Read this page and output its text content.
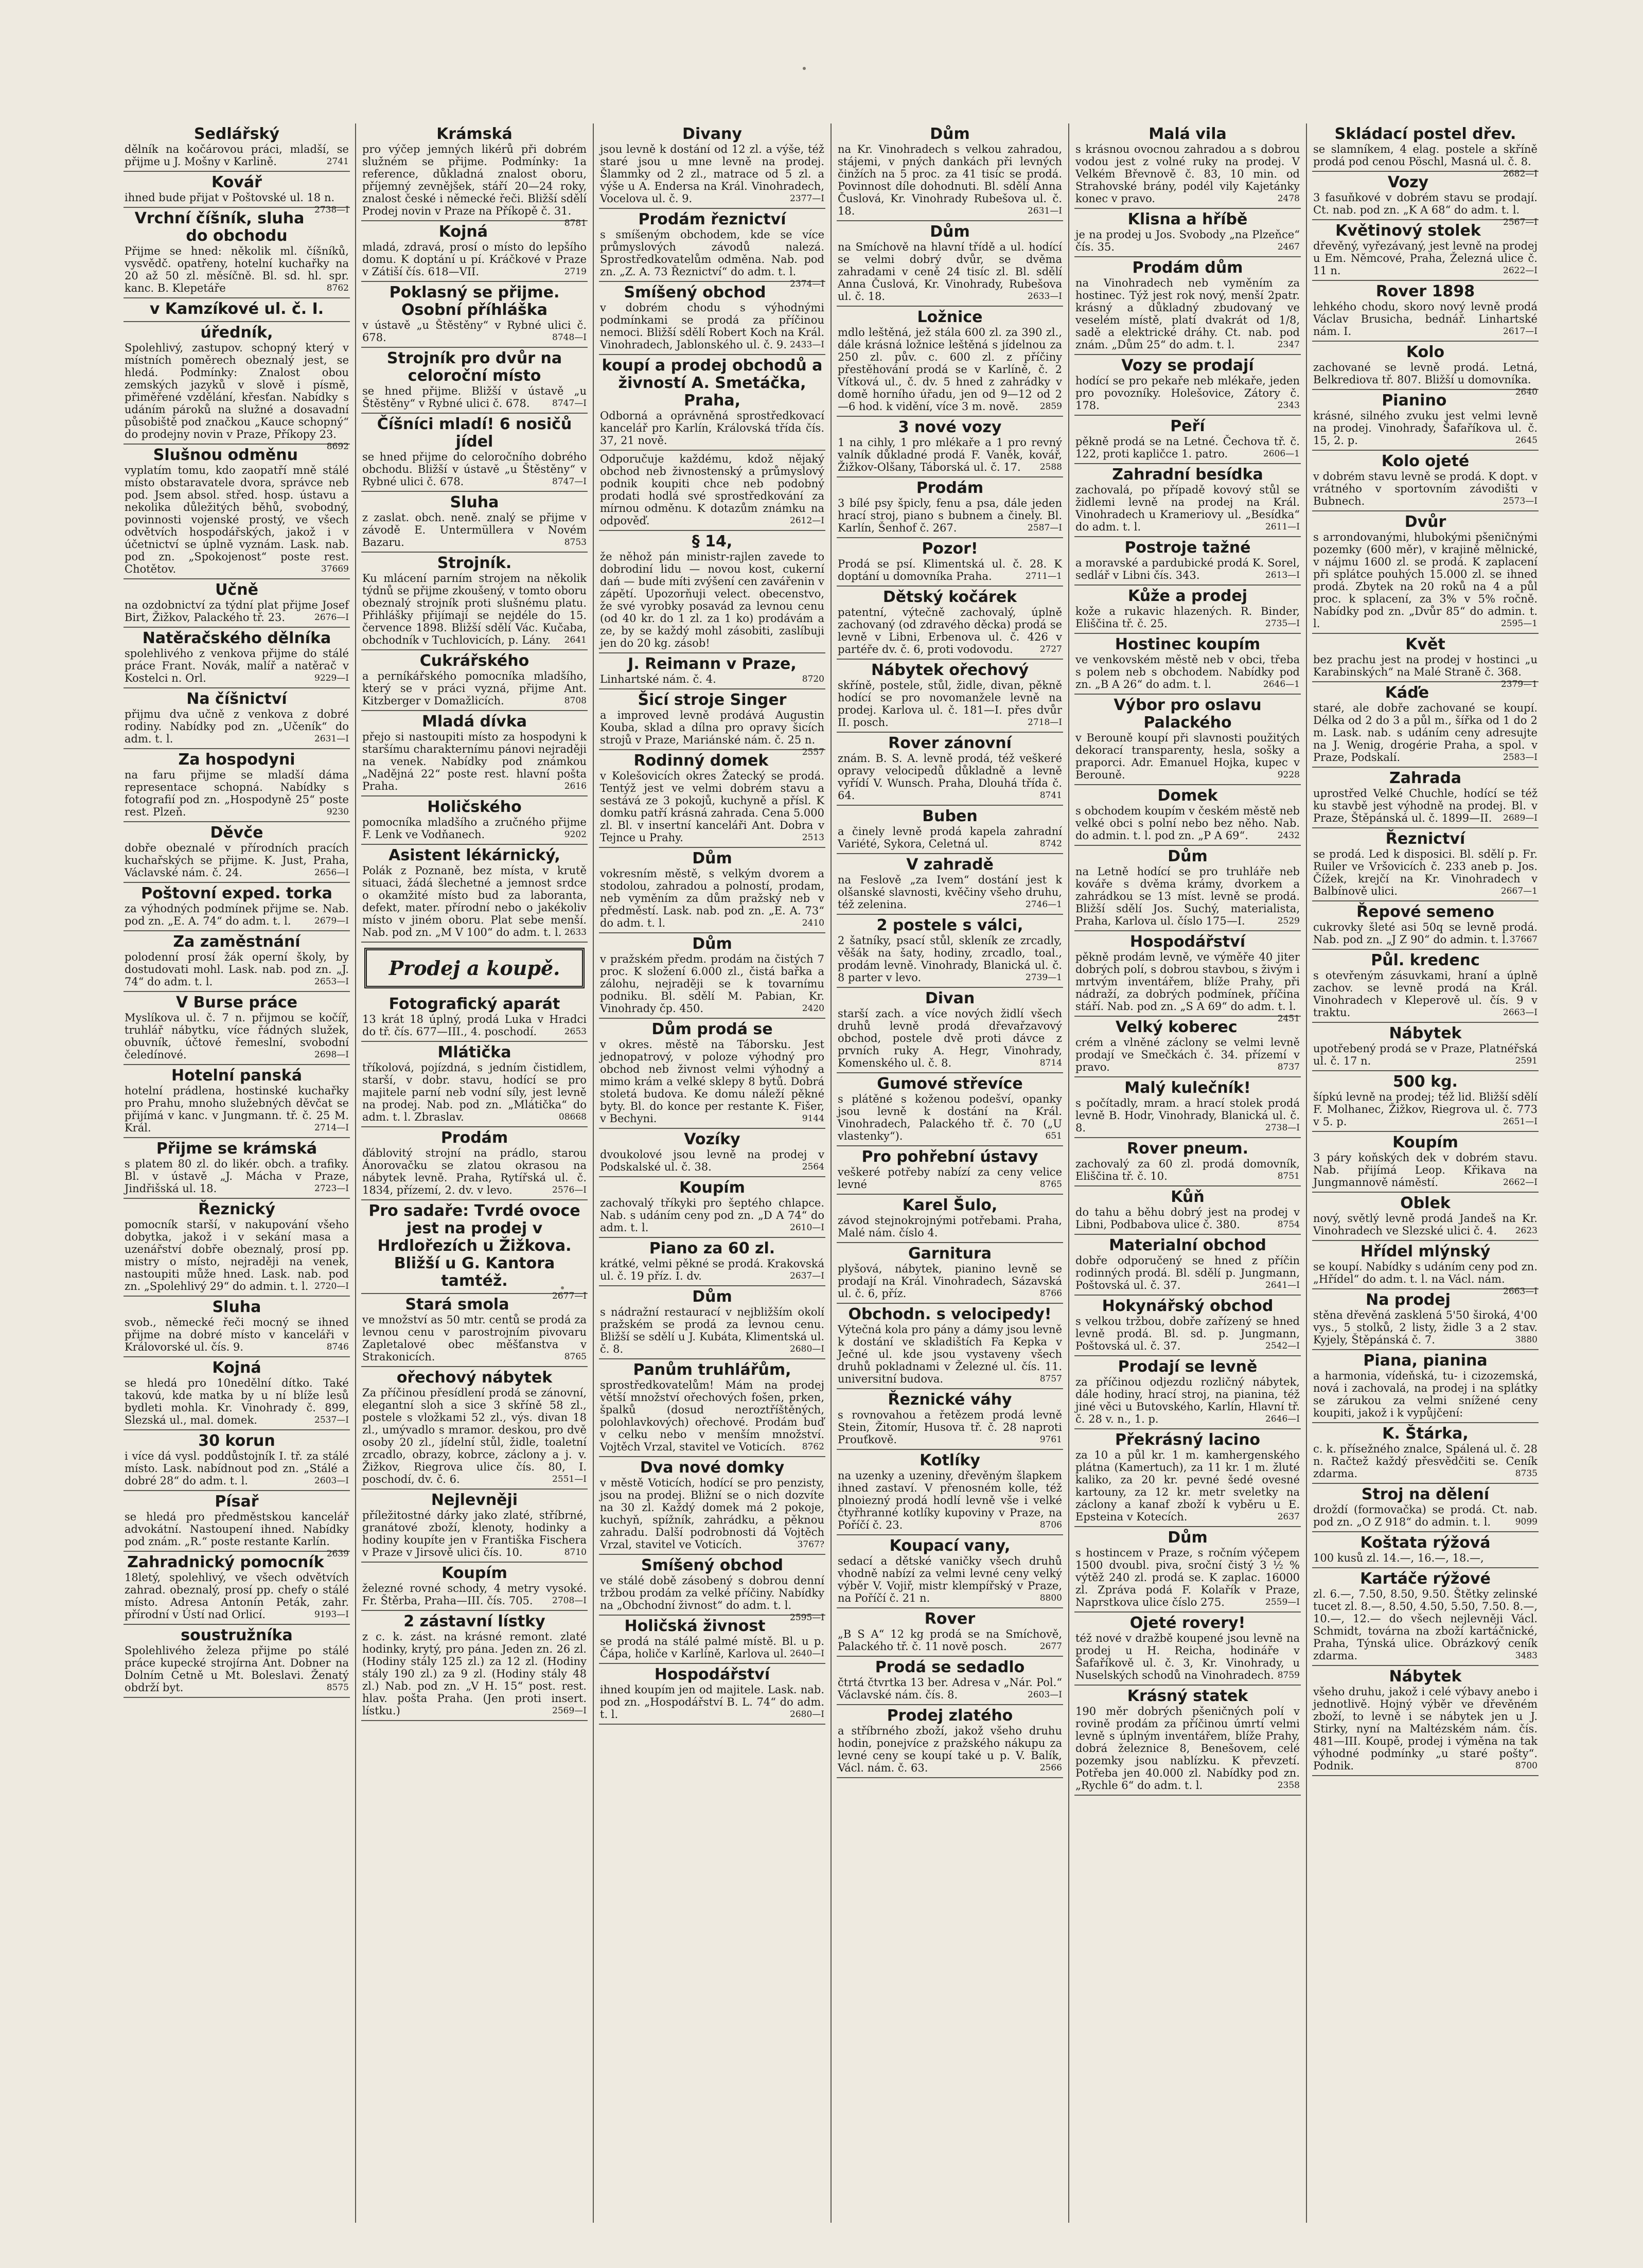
Sedlářský

dělník na kočárovou práci, mladší, se přijme u J. Mošny v Karlině.	2741

Kovář

ihned bude přijat v Poštovské ul. 18 n.
2738—I

Vrchní číšník, sluha do obchodu

Přijme se hned: několik ml. číšníků, vysvědč. opatřeny, hotelní kuchařky na 20 až 50 zl. měsíčně. Bl. sd. hl. spr. kanc. B. Klepetáře	8762

v Kamzíkové ul. č. I.

úředník,

Spolehlivý, zastupov. schopný který v místních poměrech obeznalý jest, se hledá. Podmínky: Znalost obou zemských jazyků v slově i písmě, přiměřené vzdělání, křesťan. Nabídky s udáním pároků na služné a dosavadní působiště pod značkou „Kauce schopný“ do prodejny novin v Praze, Příkopy 23.
8692

Slušnou odměnu

vyplatím tomu, kdo zaopatří mně stálé místo obstaravatele dvora, správce neb pod. Jsem absol. střed. hosp. ústavu a nekolika důležitých běhů, svobodný, povinnosti vojenské prostý, ve všech odvětvích hospodářských, jakož i v účetnictví se úplně vyznám. Lask. nab. pod zn. „Spokojenost“ poste rest. Chotětov.	37669

Učně

na ozdobnictví za týdní plat přijme Josef Birt, Žižkov, Palackého tř. 23.	2676—I

Natěračského dělníka

spolehlivého z venkova přijme do stálé práce Frant. Novák, malíř a natěrač v Kostelci n. Orl.	9229—I

Na číšnictví

přijmu dva učně z venkova z dobré rodiny. Nabídky pod zn. „Učeník“ do adm. t. l.	2631—I

Za hospodyni

na faru přijme se mladší dáma representace schopná. Nabídky s fotografií pod zn. „Hospodyně 25“ poste rest. Plzeň.	9230

Děvče

dobře obeznalé v přírodních pracích kuchařských se přijme. K. Just, Praha, Václavské nám. č. 24.	2656—I

Poštovní exped. torka

za výhodných podmínek přijme se. Nab. pod zn. „E. A. 74“ do adm. t. l.	2679—I

Za zaměstnání

polodenní prosí žák operní školy, by dostudovati mohl. Lask. nab. pod zn. „J. 74“ do adm. t. l.	2653—I

V Burse práce

Myslíkova ul. č. 7 n. přijmou se kočíř, truhlář nábytku, více řádných služek, obuvník, účtové řemeslní, svobodní čeledínové.	2698—I

Hotelní panská

hotelní prádlena, hostinské kuchařky pro Prahu, mnoho služebných děvčat se přijímá v kanc. v Jungmann. tř. č. 25 M. Král.	2714—I

Přijme se krámská

s platem 80 zl. do likér. obch. a trafiky. Bl. v ústavě „J. Mácha v Praze, Jindřišská ul. 18.	2723—I

Řeznický

pomocník starší, v nakupování všeho dobytka, jakož i v sekání masa a uzenářství dobře obeznalý, prosí pp. mistry o místo, nejraději na venek, nastoupiti může hned. Lask. nab. pod zn. „Spolehlivý 29“ do admin. t. l. 2720—I

Sluha

svob., německé řeči mocný se ihned přijme na dobré místo v kanceláři v Královorské ul. čís. 9.	8746

Kojná

se hledá pro 10nedělní dítko. Také takovú, kde matka by u ní blíže lesů bydleti mohla. Kr. Vinohrady č. 899, Slezská ul., mal. domek.	2537—I

30 korun

i více dá vysl. poddůstojník I. tř. za stálé místo. Lask. nabídnout pod zn. „Stálé a dobré 28“ do adm. t. l.	2603—I

Písař

se hledá pro předměstskou kancelář advokátní. Nastoupení ihned. Nabídky pod znám. „R.“ poste restante Karlín.
2639

Zahradnický pomocník

18letý, spolehlivý, ve všech odvětvích zahrad. obeznalý, prosí pp. chefy o stálé místo. Adresa Antonín Peták, zahr. přírodní v Ústí nad Orlicí.	9193—I

soustružníka

Spolehlivého železa přijme po stálé práce kupecké strojírna Ant. Dobner na Dolním Cetně u Mt. Boleslavi. Ženatý obdrží byt.	8575

Krámská

pro výčep jemných likérů při dobrém služném se přijme. Podmínky: 1a reference, důkladná znalost oboru, příjemný zevnějšek, stáří 20—24 roky, znalost české i německé řeči. Bližší sdělí Prodej novin v Praze na Příkopě č. 31.
8781

Kojná

mladá, zdravá, prosí o místo do lepšího domu. K doptání u pí. Kráčkové v Praze v Zátiší čís. 618—VII.	2719

Poklasný se přijme. Osobní příhláška

v ústavě „u Štěstěny“ v Rybné ulici č. 678.	8748—I

Strojník pro dvůr na celoroční místo

se hned přijme. Bližší v ústavě „u Štěstěny“ v Rybné ulici č. 678.	8747—I

Číšníci mladí! 6 nosičů jídel

se hned přijme do celoročního dobrého obchodu. Bližší v ústavě „u Štěstěny“ v Rybné ulici č. 678.	8747—I

Sluha

z zaslat. obch. neně. znalý se přijme v závodě E. Untermüllera v Novém Bazaru.	8753

Strojník.

Ku mlácení parním strojem na několik týdnů se přijme zkoušený, v tomto oboru obeznalý strojník proti slušnému platu. Přihlášky přijímají se nejdéle do 15. července 1898. Bližší sdělí Vác. Kučaba, obchodník v Tuchlovicích, p. Lány. 2641

Cukrářského

a perníkářského pomocníka mladšího, který se v práci vyzná, přijme Ant. Kitzberger v Domažlicích.	8708

Mladá dívka

přejo si nastoupiti místo za hospodyni k staršímu charakternímu pánovi nejraději na venek. Nabídky pod známkou „Nadějná 22“ poste rest. hlavní pošta Praha.	2616

Holičského

pomocníka mladšího a zručného přijme F. Lenk ve Vodňanech.	9202

Asistent lékárnický,

Polák z Poznaně, bez místa, v krutě situaci, žádá šlechetné a jemnost srdce o okamžité místo bud za laboranta, defekt, mater. přírodní nebo o jakékoliv místo v jiném oboru. Plat sebe menší. Nab. pod zn. „M V 100“ do adm. t. l. 2633

Prodej a koupě.
Fotografický aparát

13 krát 18 úplný, prodá Luka v Hradci do tř. čís. 677—III., 4. poschodí.	2653

Mlátička

tříkolová, pojízdná, s jedním čistidlem, starší, v dobr. stavu, hodící se pro majitele parní neb vodní síly, jest levně na prodej. Nab. pod zn. „Mlátička“ do adm. t. l. Zbraslav.	08668

Prodám

ďáblovitý strojní na prádlo, starou Ánorovačku se zlatou okrasou na nábytek levně. Praha, Rytířská ul. č. 1834, přízemí, 2. dv. v levo.	2576—I

Pro sadaře: Tvrdé ovoce jest na prodej v Hrdlořezích u Žižkova. Bližší u G. Kantora tamtéž.

2677—I

Stará smola

ve množství as 50 mtr. centů se prodá za levnou cenu v parostrojním pivovaru Zapletalové obec měšťanstva v Strakonicích.	8765

ořechový nábytek

Za příčinou přesídlení prodá se zánovní, elegantní sloh a sice 3 skříně 58 zl., postele s vložkami 52 zl., výs. divan 18 zl., umývadlo s mramor. deskou, pro dvě osoby 20 zl., jídelní stůl, židle, toaletní zrcadlo, obrazy, kobrce, záclony a j. v. Žižkov, Riegrova ulice čís. 80, I. poschodí, dv. č. 6.	2551—I

Nejlevněji

příležitostné dárky jako zlaté, stříbrné, granátové zboží, klenoty, hodinky a hodiny koupíte jen v Františka Fischera v Praze v Jirsově ulici čís. 10.	8710

Koupím

železné rovné schody, 4 metry vysoké. Fr. Štěrba, Praha—III. čís. 705. 2708—I

2 zástavní lístky

z c. k. zást. na krásné remont. zlaté hodinky, krytý, pro pána. Jeden zn. 26 zl. (Hodiny stály 125 zl.) za 12 zl. (Hodiny stály 190 zl.) za 9 zl. (Hodiny stály 48 zl.) Nab. pod zn. „V H. 15“ post. rest. hlav. pošta Praha. (Jen proti insert. lístku.)	2569—I

Divany

jsou levně k dostání od 12 zl. a výše, též staré jsou u mne levně na prodej. Šlammky od 2 zl., matrace od 5 zl. a výše u A. Endersa na Král. Vinohradech, Vocelova ul. č. 9.	2377—I

Prodám řeznictví

s smíšeným obchodem, kde se více průmyslových závodů nalezá. Sprostředkovatelům odměna. Nab. pod zn. „Z. A. 73 Řeznictví“ do adm. t. l.
2374—I

Smíšený obchod

v dobrém chodu s výhodnými podmínkami se prodá za příčinou nemoci. Bližší sdělí Robert Koch na Král. Vinohradech, Jablonského ul. č. 9. 2433—I

koupí a prodej obchodů a živností A. Smetáčka, Praha,

Odborná a oprávněná sprostředkovací kancelář pro Karlín, Královská třída čís. 37, 21 nově.

Odporučuje každému, kdož nějaký obchod neb živnostenský a průmyslový podnik koupiti chce neb podobný prodati hodlá své sprostředkování za mírnou odměnu. K dotazům známku na odpověď.	2612—I

§ 14,

že něhož pán ministr-rajlen zavede to dobrodiní lidu — novou kost, cukerní dań — bude míti zvýšení cen zavářenin v zápětí. Upozorňuji velect. obecenstvo, že své vyrobky posavád za levnou cenu (od 40 kr. do 1 zl. za 1 ko) prodávám a ze, by se každý mohl zásobiti, zaslíbuji jen do 20 kg. zásob!

J. Reimann v Praze,

Linhartské nám. č. 4.	8720

Šicí stroje Singer

a improved levně prodává Augustin Kouba, sklad a dílna pro opravy šicích strojů v Praze, Mariánské nám. č. 25 n.
2557

Rodinný domek

v Kolešovicích okres Žatecký se prodá. Tentýž jest ve velmi dobrém stavu a sestává ze 3 pokojů, kuchyně a přísl. K domku patří krásná zahrada. Cena 5.000 zl. Bl. v insertní kanceláři Ant. Dobra v Tejnce u Prahy.	2513

Dům

vokresním městě, s velkým dvorem a stodolou, zahradou a polností, prodam, neb vyměním za dům pražský neb v předměstí. Lask. nab. pod zn. „E. A. 73“ do adm. t. l.	2410

Dům

v pražském předm. prodám na čistých 7 proc. K složení 6.000 zl., čistá bařka a zálohu, nejraději se k tovarnímu podniku. Bl. sdělí M. Pabian, Kr. Vinohrady čp. 450.	2420

Dům prodá se

v okres. městě na Táborsku. Jest jednopatrový, v poloze výhodný pro obchod neb živnost velmi výhodný a mimo krám a velké sklepy 8 bytů. Dobrá stoletá budova. Ke domu náleží pěkné byty. Bl. do konce per restante K. Fišer, v Bechyni.	9144

Vozíky

dvoukolové jsou levně na prodej v Podskalské ul. č. 38.	2564

Koupím

zachovalý tříkyki pro šeptého chlapce. Nab. s udáním ceny pod zn. „D A 74“ do adm. t. l.	2610—I

Piano za 60 zl.

krátké, velmi pěkné se prodá. Krakovská ul. č. 19 příz. I. dv.	2637—I

Dům

s nádražní restaurací v nejbližším okolí pražském se prodá za levnou cenu. Bližší se sdělí u J. Kubáta, Klimentská ul. č. 8.	2680—I

Panům truhlářům,

sprostředkovatelům! Mám na prodej větší množství ořechových fošen, prken, špalků (dosud neroztříštěných, polohlavkových) ořechové. Prodám buď v celku nebo v menším množství. Vojtěch Vrzal, stavitel ve Voticích. 8762

Dva nové domky

v městě Voticích, hodící se pro penzisty, jsou na prodej. Bližní se o nich dozvíte na 30 zl. Každý domek má 2 pokoje, kuchyň, spížník, zahrádku, a pěknou zahradu. Další podrobnosti dá Vojtěch Vrzal, stavitel ve Voticích.	3767?

Smíšený obchod

ve stálé době zásobený s dobrou denní tržbou prodám za velké příčiny. Nabídky na „Obchodní živnost“ do adm. t. l.
2595—I

Holičská živnost

se prodá na stálé palmé místě. Bl. u p. Čápa, holiče v Karlíně, Karlova ul. 2640—I

Hospodářství

ihned koupím jen od majitele. Lask. nab. pod zn. „Hospodářství B. L. 74“ do adm. t. l.	2680—I

Dům

na Kr. Vinohradech s velkou zahradou, stájemi, v pných dankách při levných činžích na 5 proc. za 41 tisíc se prodá. Povinnost díle dohodnuti. Bl. sdělí Anna Čuslová, Kr. Vinohrady Rubešova ul. č. 18.	2631—I

Dům

na Smíchově na hlavní třídě a ul. hodící se velmi dobrý dvůr, se dvěma zahradami v ceně 24 tisíc zl. Bl. sdělí Anna Čuslová, Kr. Vinohrady, Rubešova ul. č. 18.	2633—I

Ložnice

mdlo leštěná, jež stála 600 zl. za 390 zl., dále krásná ložnice leštěná s jídelnou za 250 zl. pův. c. 600 zl. z příčiny přestěhování prodá se v Karlíně, č. 2 Vítková ul., č. dv. 5 hned z zahrádky v domě horního úřadu, jen od 9—12 od 2—6 hod. k vidění, více 3 m. nově. 2859

3 nové vozy

1 na cihly, 1 pro mlékaře a 1 pro revný valník důkladné prodá F. Vaněk, kovář, Žižkov-Olšany, Táborská ul. č. 17. 2588

Prodám

3 bílé psy špicly, fenu a psa, dále jeden hrací stroj, piano s bubnem a činely. Bl. Karlín, Šenhof č. 267.	2587—I

Pozor!

Prodá se psí. Klimentská ul. č. 28. K doptání u domovníka Praha.	2711—1

Dětský kočárek

patentní, výtečně zachovalý, úplně zachovaný (od zdravého děcka) prodá se levně v Libni, Erbenova ul. č. 426 v partéře dv. č. 6, proti vodovodu.	2727

Nábytek ořechový

skříně, postele, stůl, židle, divan, pěkně hodící se pro novomanžele levně na prodej. Karlova ul. č. 181—I. přes dvůr II. posch.	2718—I

Rover zánovní

znám. B. S. A. levně prodá, též veškeré opravy velocipedů důkladně a levně vyřídí V. Wunsch. Praha, Dlouhá třída č. 64.	8741

Buben

a činely levně prodá kapela zahradní Variété, Sykora, Celetná ul.	8742

V zahradě

na Feslově „za Ivem“ dostání jest k olšanské slavnosti, kvěčiny všeho druhu, též zelenina.	2746—1

2 postele s válci,

2 šatníky, psací stůl, skleník ze zrcadly, věšák na šaty, hodiny, zrcadlo, toal., prodám levně. Vinohrady, Blanická ul. č. 8 parter v levo.	2739—1

Divan

starší zach. a více nových židlí všech druhů levně prodá dřevařzavový obchod, postele dvě proti dávce z prvních ruky A. Hegr, Vinohrady, Komenského ul. č. 8.	8714

Gumové střevíce

s plátěné s koženou podešví, opanky jsou levně k dostání na Král. Vinohradech, Palackého tř. č. 70 („U vlastenky“).	651

Pro pohřební ústavy

veškeré potřeby nabízí za ceny velice levné	8765

Karel Šulo,

závod stejnokrojnými potřebami. Praha, Malé nám. číslo 4.

Garnitura

plyšová, nábytek, pianino levně se prodají na Král. Vinohradech, Sázavská ul. č. 6, příz.	8766

Obchodn. s velocipedy!

Výtečná kola pro pány a dámy jsou levně k dostání ve skladištích Fa Kepka v Ječné ul. kde jsou vystaveny všech druhů pokladnami v Železné ul. čís. 11. universitní budova.	8757

Řeznické váhy

s rovnovahou a řetězem prodá levně Stein, Žitomír, Husova tř. č. 28 naproti Prouťkově.	9761

Kotlíky

na uzenky a uzeniny, dřevěným šlapkem ihned zastaví. V přenosném kolle, též plnoiezný prodá hodlí levně vše i velké čtyřhranné kotlíky kupoviny v Praze, na Poříčí č. 23.	8706

Koupací vany,

sedací a dětské vaničky všech druhů vhodně nabízí za velmi levné ceny velký výběr V. Vojiř, mistr klempířský v Praze, na Poříčí č. 21 n.	8800

Rover

„B S A“ 12 kg prodá se na Smíchově, Palackého tř. č. 11 nově posch.	2677

Prodá se sedadlo

čtrtá čtvrtka 13 ber. Adresa v „Nár. Pol.“ Václavské nám. čís. 8.	2603—I

Prodej zlatého

a stříbrného zboží, jakož všeho druhu hodin, ponejvíce z pražského nákupu za levné ceny se koupí také u p. V. Balík, Václ. nám. č. 63.	2566

Malá vila

s krásnou ovocnou zahradou a s dobrou vodou jest z volné ruky na prodej. V Velkém Břevnově č. 83, 10 min. od Strahovské brány, podél vily Kajetánky konec v pravo.	2478

Klisna a hříbě

je na prodej u Jos. Svobody „na Plzeňce“ čís. 35.	2467

Prodám dům

na Vinohradech neb vyměním za hostinec. Týž jest rok nový, menší 2patr. krásný a důkladný zbudovaný ve veselém místě, platí dvakrát od 1/8, sadě a elektrické dráhy. Ct. nab. pod znám. „Dům 25“ do adm. t. l.	2347

Vozy se prodají

hodící se pro pekaře neb mlékaře, jeden pro povozníky. Holešovice, Zátory č. 178.	2343

Peří

pěkně prodá se na Letné. Čechova tř. č. 122, proti kapličce 1. patro.	2606—1

Zahradní besídka

zachovalá, po případě kovový stůl se židlemi levně na prodej na Král. Vinohradech u Krameriovy ul. „Besídka“ do adm. t. l.	2611—I

Postroje tažné

a moravské a pardubické prodá K. Sorel, sedlář v Libni čís. 343.	2613—I

Kůže a prodej

kože a rukavic hlazených. R. Binder, Eliščina tř. č. 25.	2735—I

Hostinec koupím

ve venkovském městě neb v obci, třeba s polem neb s obchodem. Nabídky pod zn. „B A 26“ do adm. t. l.	2646—1

Výbor pro oslavu Palackého

v Berouně koupí při slavnosti použitých dekorací transparenty, hesla, sošky a praporci. Adr. Emanuel Hojka, kupec v Berouně.	9228

Domek

s obchodem koupím v českém městě neb velké obci s polní nebo bez něho. Nab. do admin. t. l. pod zn. „P A 69“.	2432

Dům

na Letně hodící se pro truhláře neb kováře s dvěma krámy, dvorkem a zahrádkou se 13 míst. levně se prodá. Bližší sdělí Jos. Suchý, materialista, Praha, Karlova ul. číslo 175—I.	2529

Hospodářství

pěkně prodám levně, ve výměře 40 jiter dobrých polí, s dobrou stavbou, s živým i mrtvým inventářem, blíže Prahy, při nádraží, za dobrých podmínek, příčina stáří. Nab. pod zn. „S A 69“ do adm. t. l.
2451

Velký koberec

crém a vlněné záclony se velmi levně prodají ve Smečkách č. 34. přízemí v pravo.	8737

Malý kulečník!

s počítadly, mram. a hrací stolek prodá levně B. Hodr, Vinohrady, Blanická ul. č. 8.	2738—I

Rover pneum.

zachovalý za 60 zl. prodá domovník, Eliščina tř. č. 10.	8751

Kůň

do tahu a běhu dobrý jest na prodej v Libni, Podbabova ulice č. 380.	8754

Materialní obchod

dobře odporučený se hned z příčin rodinných prodá. Bl. sdělí p. Jungmann, Poštovská ul. č. 37.	2641—I

Hokynářský obchod

s velkou tržbou, dobře zařízený se hned levně prodá. Bl. sd. p. Jungmann, Poštovská ul. č. 37.	2542—I

Prodají se levně

za příčinou odjezdu rozličný nábytek, dále hodiny, hrací stroj, na pianina, též jiné věci u Butovského, Karlín, Hlavní tř. č. 28 v. n., 1. p.	2646—I

Překrásný lacino

za 10 a půl kr. 1 m. kamhergenského plátna (Kamertuch), za 11 kr. 1 m. žluté kaliko, za 20 kr. pevné šedé ovesné kartouny, za 12 kr. metr sveletky na záclony a kanaf zboží k vyběru u E. Epsteina v Kotecích.	2637

Dům

s hostincem v Praze, s ročním výčepem 1500 dvoubl. piva, sroční čistý 3 ½ % výtěž 240 zl. prodá se. K zaplac. 16000 zl. Zpráva podá F. Kolařík v Praze, Naprstkova ulice číslo 275.	2559—I

Ojeté rovery!

též nové v dražbě koupené jsou levně na prodej u H. Reicha, hodináře v Šafaříkově ul. č. 3, Kr. Vinohrady, u Nuselských schodů na Vinohradech. 8759

Krásný statek

190 měr dobrých pšeničných polí v rovině prodám za příčinou úmrtí velmi levně s úplným inventářem, blíže Prahy, dobrá železnice 8, Benešovem, celé pozemky jsou nablízku. K převzetí. Potřeba jen 40.000 zl. Nabídky pod zn. „Rychle 6“ do adm. t. l.	2358

Skládací postel dřev.

se slamníkem, 4 elag. postele a skříně prodá pod cenou Pöschl, Masná ul. č. 8.
2682—I

Vozy

3 fasuňkové v dobrém stavu se prodají. Ct. nab. pod zn. „K A 68“ do adm. t. l.
2567—I

Květinový stolek

dřevěný, vyřezávaný, jest levně na prodej u Em. Němcové, Praha, Železná ulice č. 11 n.	2622—I

Rover 1898

lehkého chodu, skoro nový levně prodá Václav Brusicha, bednář. Linhartské nám. I.	2617—I

Kolo

zachované se levně prodá. Letná, Belkrediova tř. 807. Bližší u domovníka.
2640

Pianino

krásné, silného zvuku jest velmi levně na prodej. Vinohrady, Šafaříkova ul. č. 15, 2. p.	2645

Kolo ojeté

v dobrém stavu levně se prodá. K dopt. v vrátného v sportovním závodišti v Bubnech.	2573—I

Dvůr

s arrondovanými, hlubokými pšeničnými pozemky (600 měr), v krajině mělnické, v nájmu 1600 zl. se prodá. K zaplacení při splátce pouhých 15.000 zl. se ihned prodá. Zbytek na 20 roků na 4 a půl proc. k splacení, za 3% v 5% ročně. Nabídky pod zn. „Dvůr 85“ do admin. t. l.	2595—1

Květ

bez prachu jest na prodej v hostinci „u Karabinských“ na Malé Straně č. 368.
2379—1

Káďe

staré, ale dobře zachované se koupí. Délka od 2 do 3 a půl m., šířka od 1 do 2 m. Lask. nab. s udáním ceny adresujte na J. Wenig, drogérie Praha, a spol. v Praze, Podskalí.	2583—I

Zahrada

uprostřed Velké Chuchle, hodící se též ku stavbě jest výhodně na prodej. Bl. v Praze, Štěpánská ul. č. 1899—II. 2689—I

Řeznictví

se prodá. Led k disposici. Bl. sdělí p. Fr. Ruiler ve Vršovicích č. 233 aneb p. Jos. Čížek, krejčí na Kr. Vinohradech v Balbínově ulici.	2667—1

Řepové semeno

cukrovky šleté asi 50q se levně prodá. Nab. pod zn. „J Z 90“ do admin. t. l. 37667

Půl. kredenc

s otevřeným zásuvkami, hraní a úplně zachov. se levně prodá na Král. Vinohradech v Kleperově ul. čís. 9 v traktu.	2663—I

Nábytek

upotřebený prodá se v Praze, Platnéřská ul. č. 17 n.	2591

500 kg.

šípkú levně na prodej; též lid. Bližší sdělí F. Molhanec, Žižkov, Riegrova ul. č. 773 v 5. p.	2651—I

Koupím

3 páry koňských dek v dobrém stavu. Nab. přijímá Leop. Křikava na Jungmannově náměstí.	2662—I

Oblek

nový, světlý levně prodá Jandeš na Kr. Vinohradech ve Slezské ulici č. 4. 2623

Hřídel mlýnský

se koupí. Nabídky s udáním ceny pod zn. „Hřídel“ do adm. t. l. na Václ. nám.
2663—I

Na prodej

stěna dřevěná zasklená 5'50 široká, 4'00 vys., 5 stolků, 2 listy, židle 3 a 2 stav. Kyjely, Štěpánská č. 7.	3880

Piana, pianina

a harmonia, vídeňská, tu- i cizozemská, nová i zachovalá, na prodej i na splátky se zárukou za velmi snížené ceny koupiti, jakož i k vypůjčení:

K. Štárka,

c. k. přísežného znalce, Spálená ul. č. 28 n. Račtež každý přesvědčiti se. Ceník zdarma.	8735

Stroj na dělení

droždí (formovačka) se prodá. Ct. nab. pod zn. „O Z 918“ do admin. t. l.	9099

Koštata rýžová

100 kusů zl. 14.—, 16.—, 18.—,

Kartáče rýžové

zl. 6.—, 7.50, 8.50, 9.50. Štětky zelinské tucet zl. 8.—, 8.50, 4.50, 5.50, 7.50. 8.—, 10.—, 12.— do všech nejlevněji Václ. Schmidt, továrna na zboží kartáčnické, Praha, Týnská ulice. Obrázkový ceník zdarma.	3483

Nábytek

všeho druhu, jakož i celé výbavy anebo i jednotlivě. Hojný výběr ve dřevěném zboží, to levně i se nábytek jen u J. Stirky, nyní na Maltézském nám. čís. 481—III. Koupě, prodej i výměna na tak výhodné podmínky „u staré pošty“. Podnik.	8700
